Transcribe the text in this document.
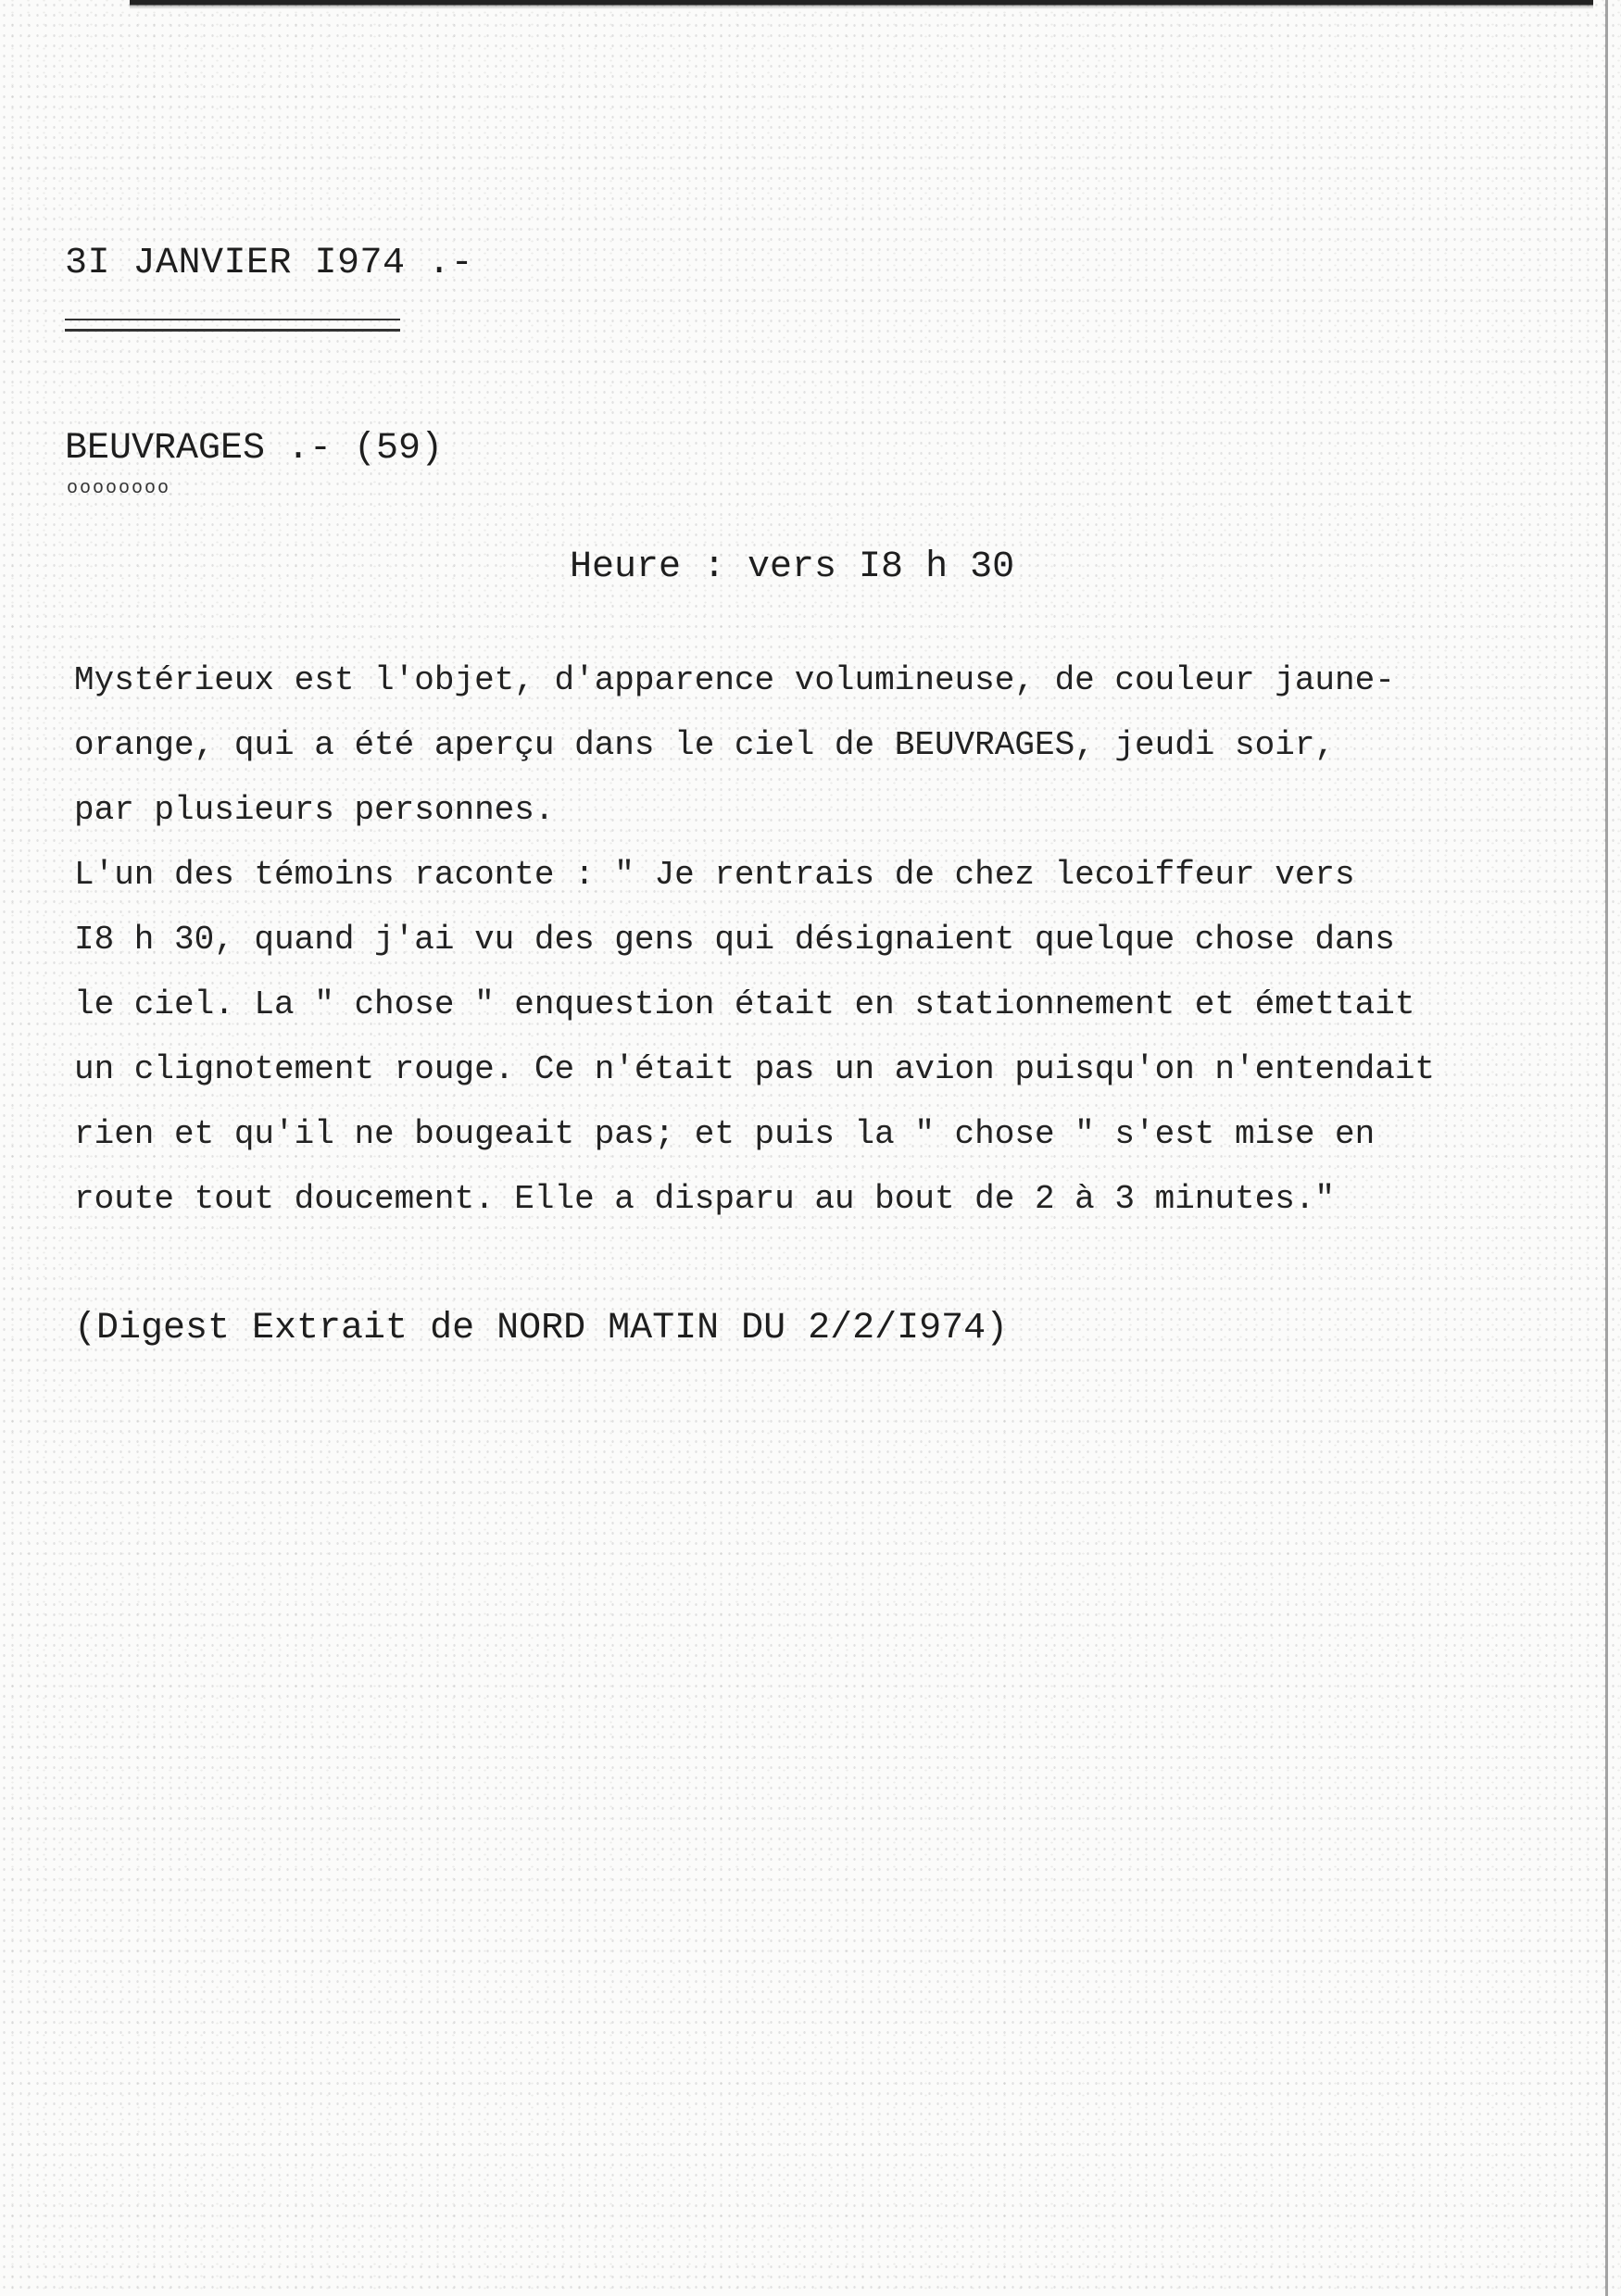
3I JANVIER I974 .-
BEUVRAGES .- (59)
oooooooo
Heure : vers I8 h 30
Mystérieux est l'objet, d'apparence volumineuse, de couleur jaune-
orange, qui a été aperçu dans le ciel de BEUVRAGES, jeudi soir,
par plusieurs personnes.
L'un des témoins raconte : " Je rentrais de chez lecoiffeur vers
I8 h 30, quand j'ai vu des gens qui désignaient quelque chose dans
le ciel. La " chose " enquestion était en stationnement et émettait
un clignotement rouge. Ce n'était pas un avion puisqu'on n'entendait
rien et qu'il ne bougeait pas; et puis la " chose " s'est mise en
route tout doucement. Elle a disparu au bout de 2 à 3 minutes."
(Digest Extrait de NORD MATIN DU 2/2/I974)
